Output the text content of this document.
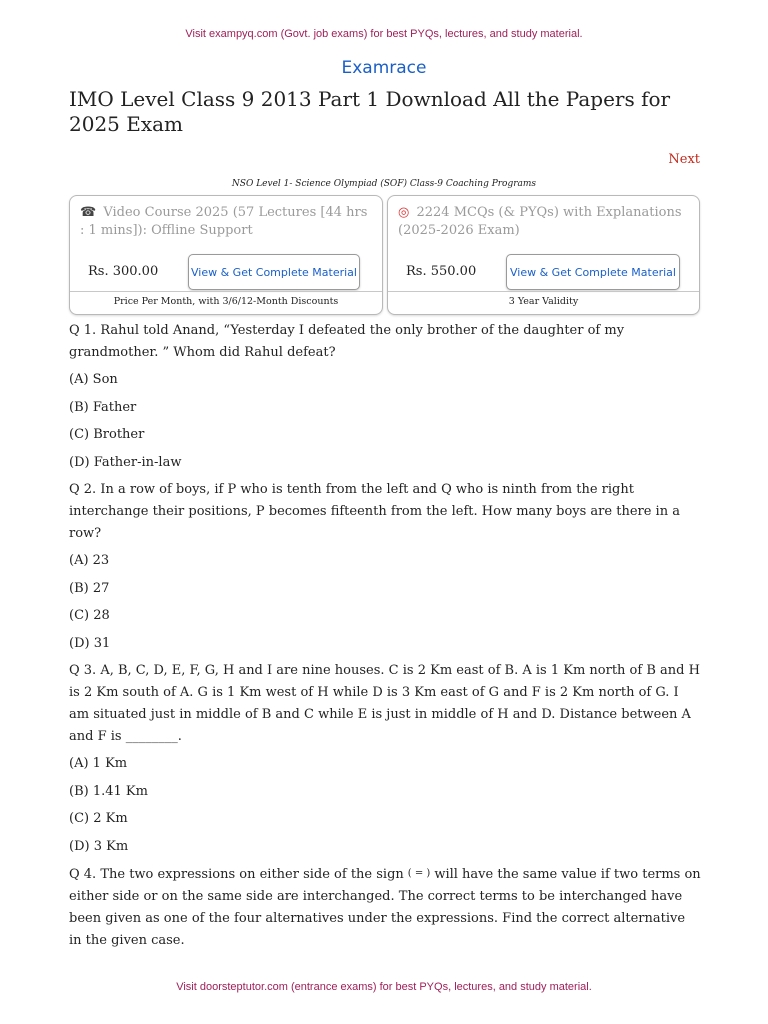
Visit exampyq.com (Govt. job exams) for best PYQs, lectures, and study material.
Examrace
IMO Level Class 9 2013 Part 1 Download All the Papers for 2025 Exam
Next
NSO Level 1- Science Olympiad (SOF) Class-9 Coaching Programs
☎ Video Course 2025 (57 Lectures [44 hrs : 1 mins]): Offline Support
Rs. 300.00	View & Get Complete Material
Price Per Month, with 3/6/12-Month Discounts
◎ 2224 MCQs (& PYQs) with Explanations (2025-2026 Exam)
Rs. 550.00	View & Get Complete Material
3 Year Validity

Q 1. Rahul told Anand, “Yesterday I defeated the only brother of the daughter of my grandmother. ” Whom did Rahul defeat?

(A) Son

(B) Father

(C) Brother

(D) Father-in-law

Q 2. In a row of boys, if P who is tenth from the left and Q who is ninth from the right interchange their positions, P becomes fifteenth from the left. How many boys are there in a row?

(A) 23

(B) 27

(C) 28

(D) 31

Q 3. A, B, C, D, E, F, G, H and I are nine houses. C is 2 Km east of B. A is 1 Km north of B and H is 2 Km south of A. G is 1 Km west of H while D is 3 Km east of G and F is 2 Km north of G. I am situated just in middle of B and C while E is just in middle of H and D. Distance between A and F is ________.

(A) 1 Km

(B) 1.41 Km

(C) 2 Km

(D) 3 Km

Q 4. The two expressions on either side of the sign ( = ) will have the same value if two terms on either side or on the same side are interchanged. The correct terms to be interchanged have been given as one of the four alternatives under the expressions. Find the correct alternative in the given case.

Visit doorsteptutor.com (entrance exams) for best PYQs, lectures, and study material.
